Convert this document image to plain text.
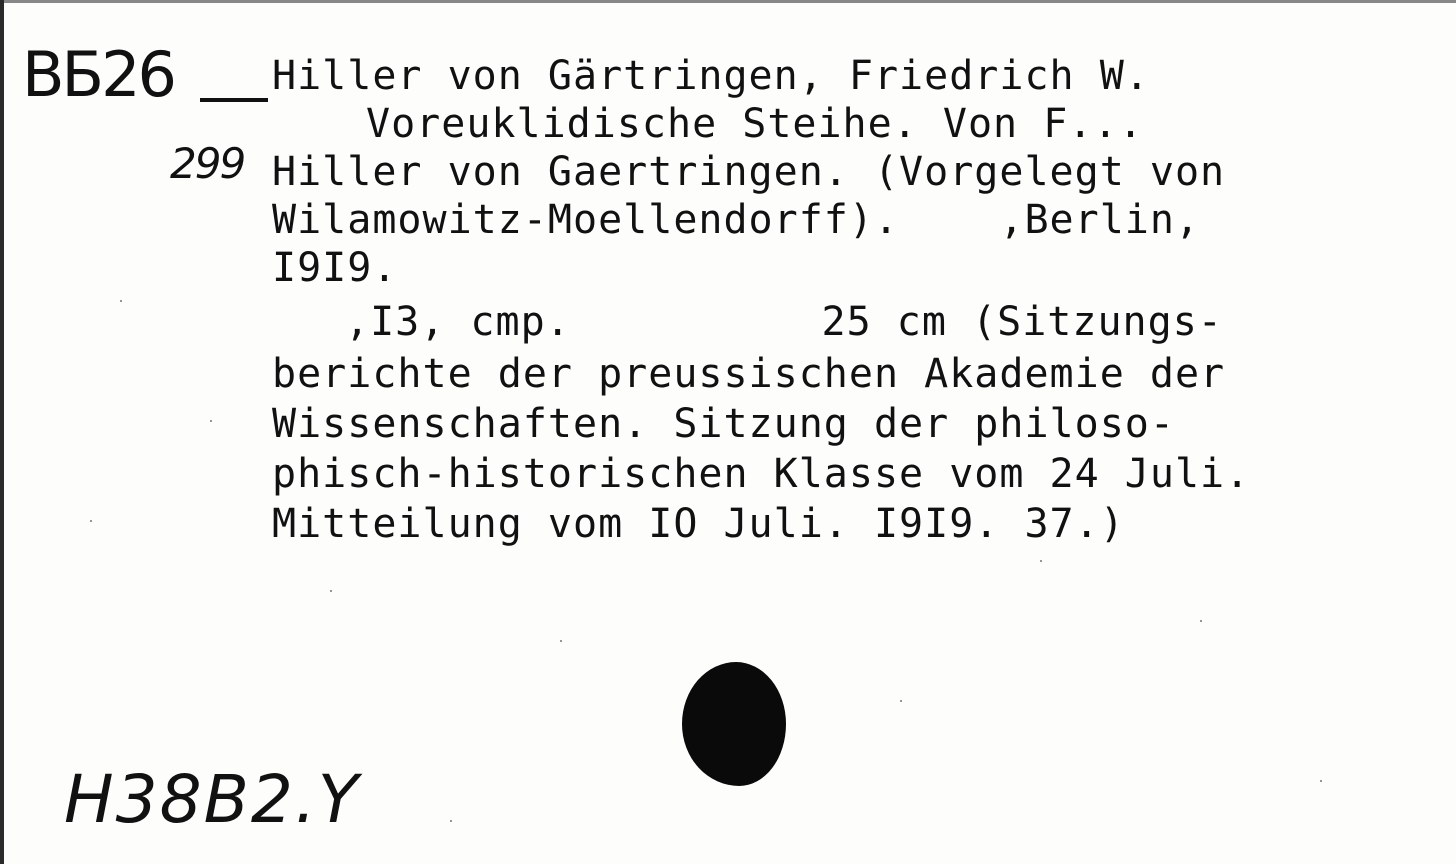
ВБ26
299
Hiller von Gärtringen, Friedrich W.
Voreuklidische Steihe. Von F...
Hiller von Gaertringen. (Vorgelegt von
Wilamowitz-Moellendorff).    ‚Berlin,
I9I9.
‚I3‚ cmp.          25 cm (Sitzungs-
berichte der preussischen Akademie der
Wissenschaften. Sitzung der philoso-
phisch-historischen Klasse vom 24 Juli.
Mitteilung vom IO Juli. I9I9. 37.)
H38B2.Y
